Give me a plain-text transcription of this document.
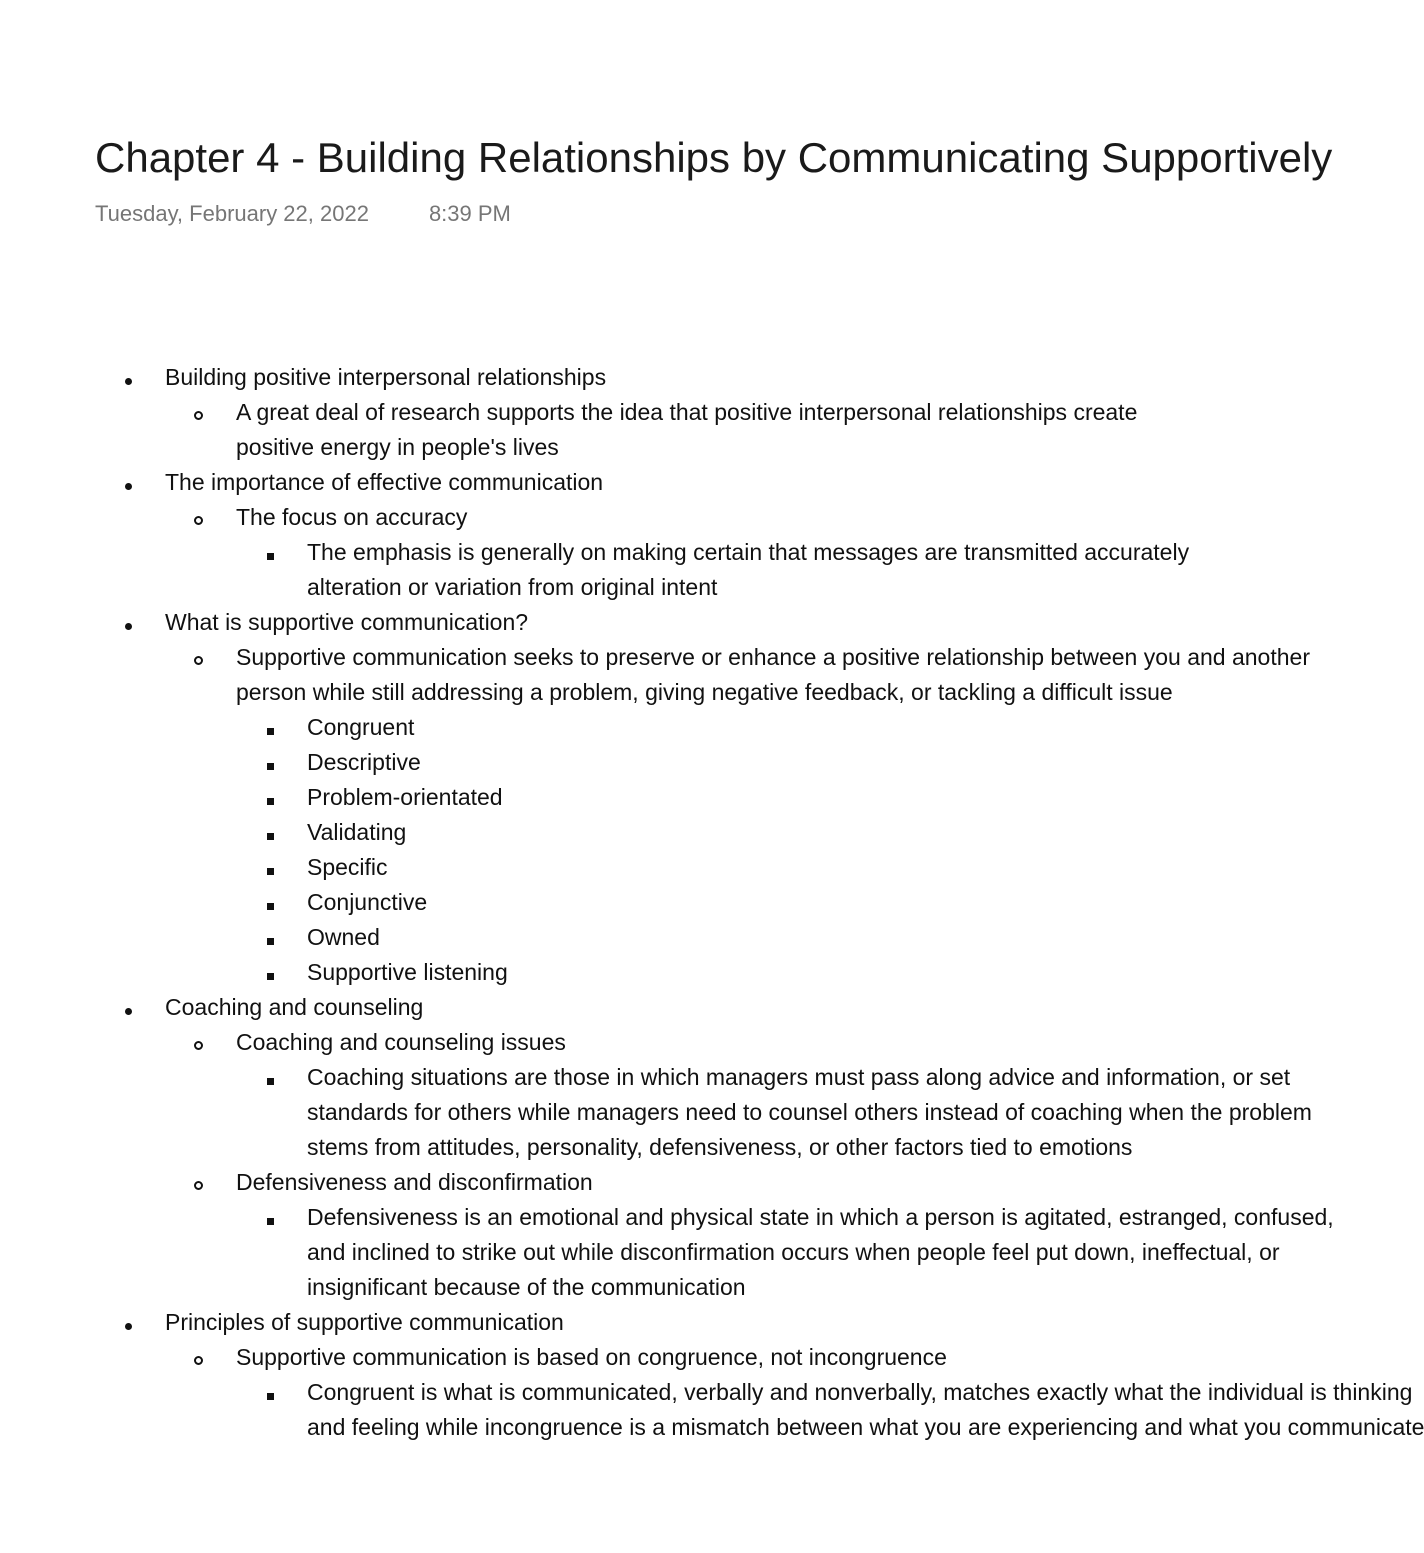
Chapter 4 - Building Relationships by Communicating Supportively
Tuesday, February 22, 2022	8:39 PM
Building positive interpersonal relationships
A great deal of research supports the idea that positive interpersonal relationships create
positive energy in people's lives
The importance of effective communication
The focus on accuracy
The emphasis is generally on making certain that messages are transmitted accurately
alteration or variation from original intent
What is supportive communication?
Supportive communication seeks to preserve or enhance a positive relationship between you and another
person while still addressing a problem, giving negative feedback, or tackling a difficult issue
Congruent
Descriptive
Problem-orientated
Validating
Specific
Conjunctive
Owned
Supportive listening
Coaching and counseling
Coaching and counseling issues
Coaching situations are those in which managers must pass along advice and information, or set
standards for others while managers need to counsel others instead of coaching when the problem
stems from attitudes, personality, defensiveness, or other factors tied to emotions
Defensiveness and disconfirmation
Defensiveness is an emotional and physical state in which a person is agitated, estranged, confused,
and inclined to strike out while disconfirmation occurs when people feel put down, ineffectual, or
insignificant because of the communication
Principles of supportive communication
Supportive communication is based on congruence, not incongruence
Congruent is what is communicated, verbally and nonverbally, matches exactly what the individual is thinking
and feeling while incongruence is a mismatch between what you are experiencing and what you communicate
